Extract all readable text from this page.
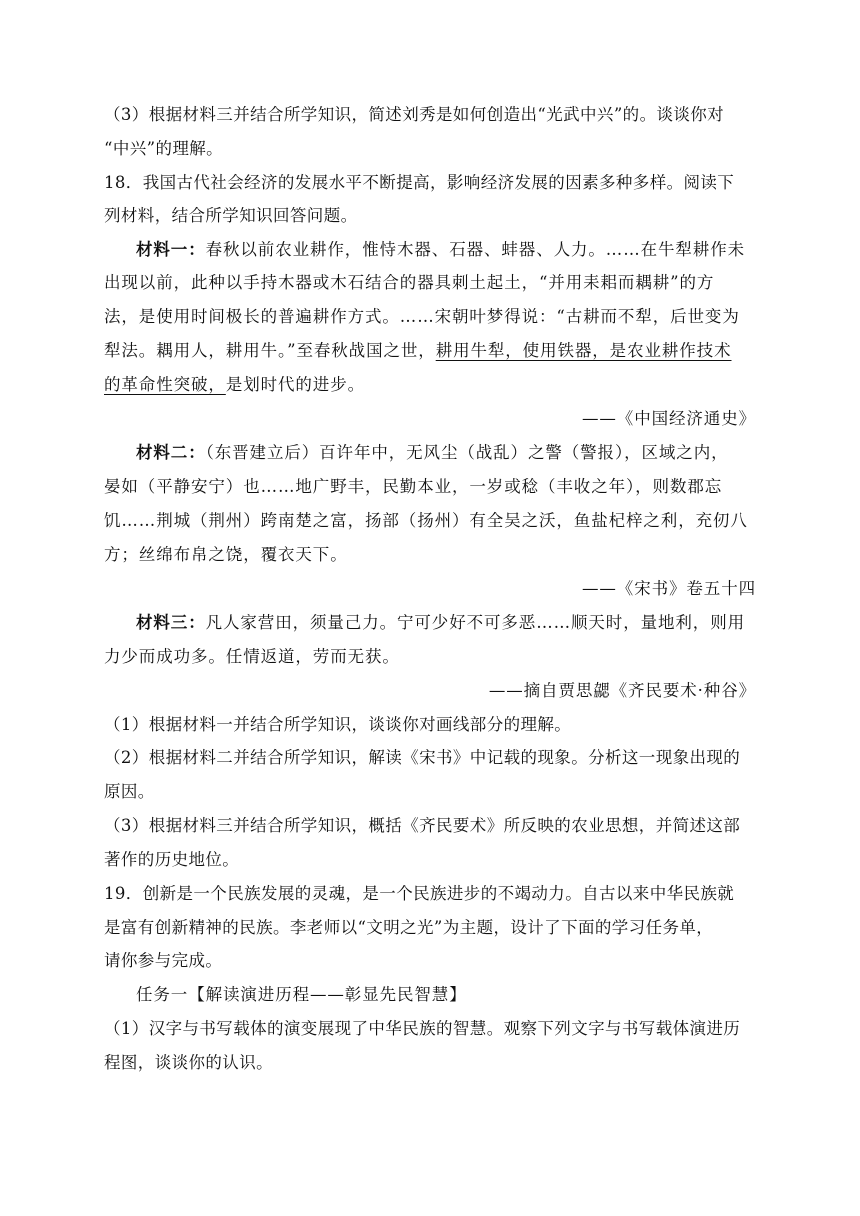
（3）根据材料三并结合所学知识，简述刘秀是如何创造出“光武中兴”的。谈谈你对
“中兴”的理解。
18．我国古代社会经济的发展水平不断提高，影响经济发展的因素多种多样。阅读下
列材料，结合所学知识回答问题。
材料一：春秋以前农业耕作，惟恃木器、石器、蚌器、人力。……在牛犁耕作未
出现以前，此种以手持木器或木石结合的器具刺土起土，“并用耒耜而耦耕”的方
法，是使用时间极长的普遍耕作方式。……宋朝叶梦得说：“古耕而不犁，后世变为
犁法。耦用人，耕用牛。”至春秋战国之世，耕用牛犁，使用铁器，是农业耕作技术
的革命性突破，是划时代的进步。
——《中国经济通史》
材料二：（东晋建立后）百许年中，无风尘（战乱）之警（警报），区域之内，
晏如（平静安宁）也……地广野丰，民勤本业，一岁或稔（丰收之年），则数郡忘
饥……荆城（荆州）跨南楚之富，扬部（扬州）有全吴之沃，鱼盐杞梓之利，充仞八
方；丝绵布帛之饶，覆衣天下。
——《宋书》卷五十四
材料三：凡人家营田，须量己力。宁可少好不可多恶……顺天时，量地利，则用
力少而成功多。任情返道，劳而无获。
——摘自贾思勰《齐民要术·种谷》
（1）根据材料一并结合所学知识，谈谈你对画线部分的理解。
（2）根据材料二并结合所学知识，解读《宋书》中记载的现象。分析这一现象出现的
原因。
（3）根据材料三并结合所学知识，概括《齐民要术》所反映的农业思想，并简述这部
著作的历史地位。
19．创新是一个民族发展的灵魂，是一个民族进步的不竭动力。自古以来中华民族就
是富有创新精神的民族。李老师以“文明之光”为主题，设计了下面的学习任务单，
请你参与完成。
任务一【解读演进历程——彰显先民智慧】
（1）汉字与书写载体的演变展现了中华民族的智慧。观察下列文字与书写载体演进历
程图，谈谈你的认识。
